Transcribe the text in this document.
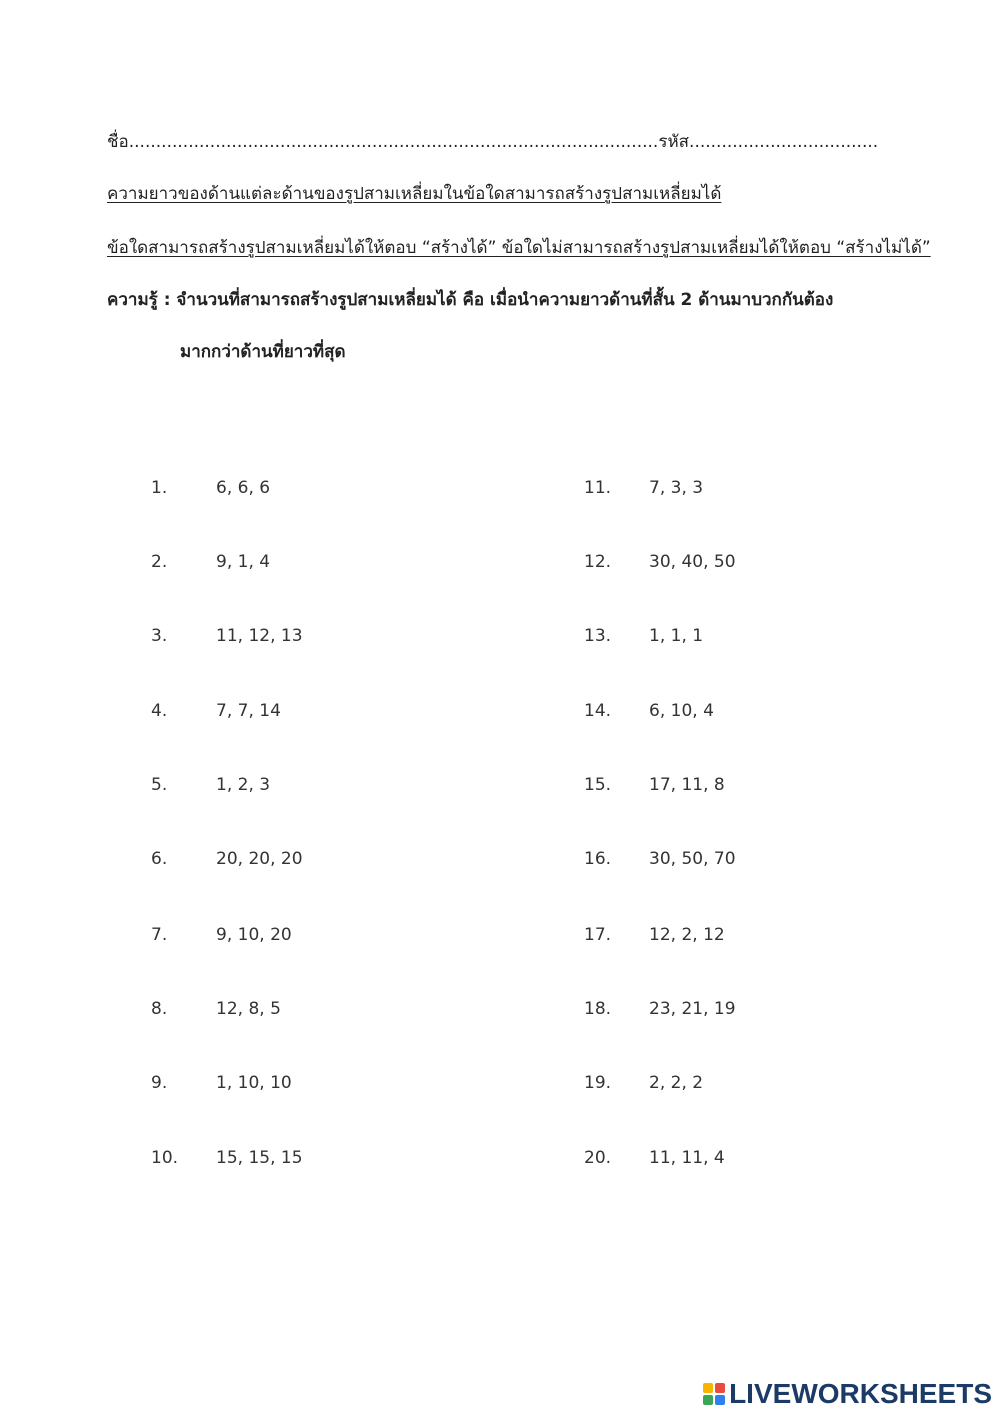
ชื่อ..................................................................................................รหัส...................................
ความยาวของด้านแต่ละด้านของรูปสามเหลี่ยมในข้อใดสามารถสร้างรูปสามเหลี่ยมได้
ข้อใดสามารถสร้างรูปสามเหลี่ยมได้ให้ตอบ “สร้างได้” ข้อใดไม่สามารถสร้างรูปสามเหลี่ยมได้ให้ตอบ “สร้างไม่ได้”
ความรู้ : จำนวนที่สามารถสร้างรูปสามเหลี่ยมได้ คือ เมื่อนำความยาวด้านที่สั้น 2 ด้านมาบวกกันต้อง
มากกว่าด้านที่ยาวที่สุด
1.	6, 6, 6
2.	9, 1, 4
3.	11, 12, 13
4.	7, 7, 14
5.	1, 2, 3
6.	20, 20, 20
7.	9, 10, 20
8.	12, 8, 5
9.	1, 10, 10
10. 15, 15, 15
11. 7, 3, 3
12. 30, 40, 50
13. 1, 1, 1
14. 6, 10, 4
15. 17, 11, 8
16. 30, 50, 70
17. 12, 2, 12
18. 23, 21, 19
19. 2, 2, 2
20. 11, 11, 4
LIVEWORKSHEETS
